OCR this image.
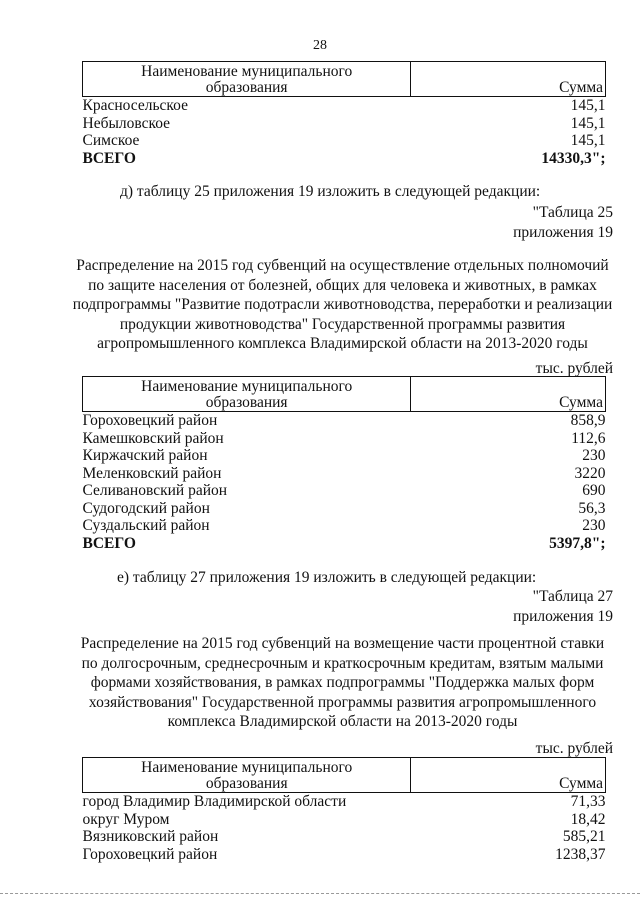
28
Наименование муниципального
образования	Сумма
Красносельское	145,1
Небыловское	145,1
Симское	145,1
ВСЕГО	14330,3";
д) таблицу 25 приложения 19 изложить в следующей редакции:
"Таблица 25
приложения 19
Распределение на 2015 год субвенций на осуществление отдельных полномочий
по защите населения от болезней, общих для человека и животных, в рамках
подпрограммы "Развитие подотрасли животноводства, переработки и реализации
продукции животноводства" Государственной программы развития
агропромышленного комплекса Владимирской области на 2013-2020 годы
тыс. рублей
Наименование муниципального
образования	Сумма
Гороховецкий район	858,9
Камешковский район	112,6
Киржачский район	230
Меленковский район	3220
Селивановский район	690
Судогодский район	56,3
Суздальский район	230
ВСЕГО	5397,8";
е) таблицу 27 приложения 19 изложить в следующей редакции:
"Таблица 27
приложения 19
Распределение на 2015 год субвенций на возмещение части процентной ставки
по долгосрочным, среднесрочным и краткосрочным кредитам, взятым малыми
формами хозяйствования, в рамках подпрограммы "Поддержка малых форм
хозяйствования" Государственной программы развития агропромышленного
комплекса Владимирской области на 2013-2020 годы
тыс. рублей
Наименование муниципального
образования	Сумма
город Владимир Владимирской области	71,33
округ Муром	18,42
Вязниковский район	585,21
Гороховецкий район	1238,37
